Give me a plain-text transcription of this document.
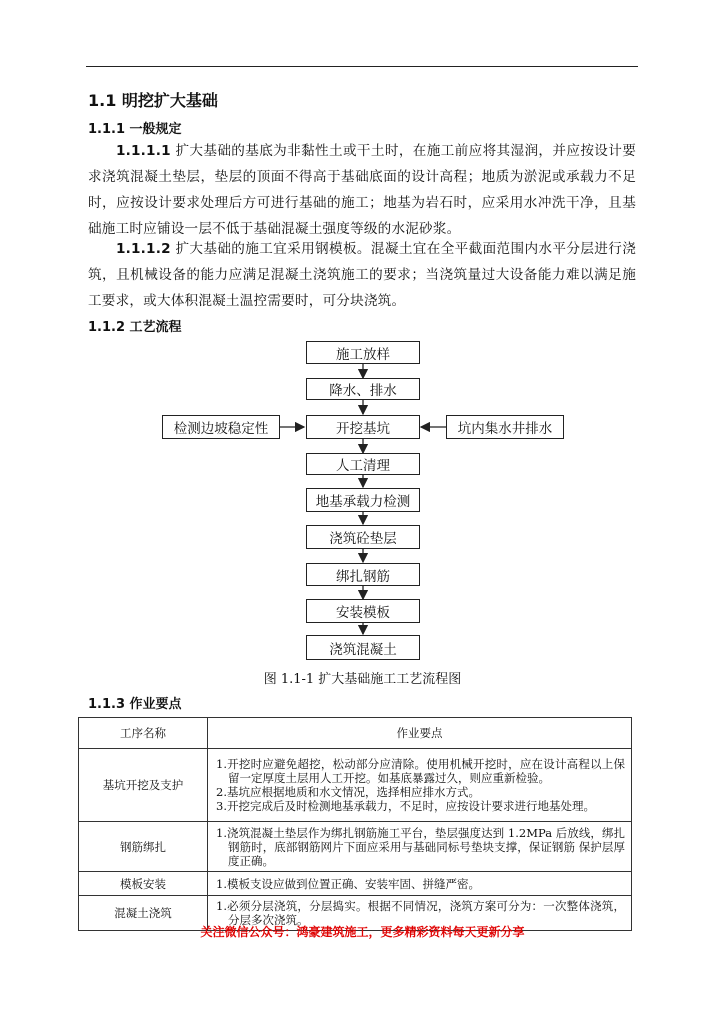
1.1 明挖扩大基础
1.1.1 一般规定
1.1.1.1 扩大基础的基底为非黏性土或干土时，在施工前应将其湿润，并应按设计要求浇筑混凝土垫层，垫层的顶面不得高于基础底面的设计高程；地质为淤泥或承载力不足时，应按设计要求处理后方可进行基础的施工；地基为岩石时，应采用水冲洗干净，且基础施工时应铺设一层不低于基础混凝土强度等级的水泥砂浆。
1.1.1.2 扩大基础的施工宜采用钢模板。混凝土宜在全平截面范围内水平分层进行浇筑，且机械设备的能力应满足混凝土浇筑施工的要求；当浇筑量过大设备能力难以满足施工要求，或大体积混凝土温控需要时，可分块浇筑。
1.1.2 工艺流程
施工放样
降水、排水
开挖基坑
人工清理
地基承载力检测
浇筑砼垫层
绑扎钢筋
安装模板
浇筑混凝土
检测边坡稳定性	坑内集水井排水
图 1.1-1 扩大基础施工工艺流程图
1.1.3 作业要点
工序名称	作业要点
基坑开挖及支护	1.开挖时应避免超挖，松动部分应清除。使用机械开挖时，应在设计高程以上保留一定厚度土层用人工开挖。如基底暴露过久，则应重新检验。
2.基坑应根据地质和水文情况，选择相应排水方式。
3.开挖完成后及时检测地基承载力，不足时，应按设计要求进行地基处理。

钢筋绑扎	1.浇筑混凝土垫层作为绑扎钢筋施工平台，垫层强度达到 1.2MPa 后放线，绑扎钢筋时，底部钢筋网片下面应采用与基础同标号垫块支撑，保证钢筋 保护层厚度正确。

模板安装	1.模板支设应做到位置正确、安装牢固、拼缝严密。

混凝土浇筑	1.必须分层浇筑，分层捣实。根据不同情况，浇筑方案可分为：一次整体浇筑，分层多次浇筑。
关注微信公众号：鸿豪建筑施工，更多精彩资料每天更新分享
